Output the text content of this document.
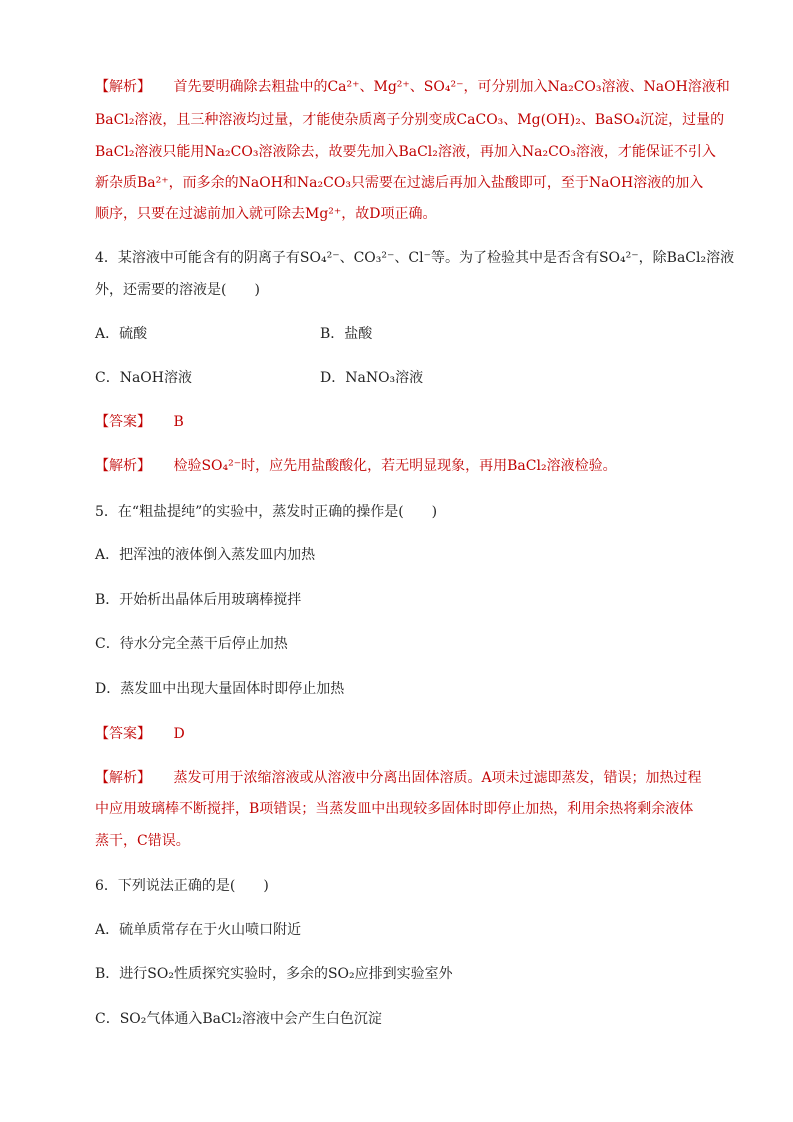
【解析】 首先要明确除去粗盐中的Ca²⁺、Mg²⁺、SO₄²⁻，可分别加入Na₂CO₃溶液、NaOH溶液和
BaCl₂溶液，且三种溶液均过量，才能使杂质离子分别变成CaCO₃、Mg(OH)₂、BaSO₄沉淀，过量的
BaCl₂溶液只能用Na₂CO₃溶液除去，故要先加入BaCl₂溶液，再加入Na₂CO₃溶液，才能保证不引入
新杂质Ba²⁺，而多余的NaOH和Na₂CO₃只需要在过滤后再加入盐酸即可，至于NaOH溶液的加入
顺序，只要在过滤前加入就可除去Mg²⁺，故D项正确。
4．某溶液中可能含有的阴离子有SO₄²⁻、CO₃²⁻、Cl⁻等。为了检验其中是否含有SO₄²⁻，除BaCl₂溶液
外，还需要的溶液是(　　)
A．硫酸	B．盐酸
C．NaOH溶液	D．NaNO₃溶液
【答案】 B
【解析】 检验SO₄²⁻时，应先用盐酸酸化，若无明显现象，再用BaCl₂溶液检验。
5．在“粗盐提纯”的实验中，蒸发时正确的操作是(　　)
A．把浑浊的液体倒入蒸发皿内加热
B．开始析出晶体后用玻璃棒搅拌
C．待水分完全蒸干后停止加热
D．蒸发皿中出现大量固体时即停止加热
【答案】 D
【解析】 蒸发可用于浓缩溶液或从溶液中分离出固体溶质。A项未过滤即蒸发，错误；加热过程
中应用玻璃棒不断搅拌，B项错误；当蒸发皿中出现较多固体时即停止加热，利用余热将剩余液体
蒸干，C错误。
6．下列说法正确的是(　　)
A．硫单质常存在于火山喷口附近
B．进行SO₂性质探究实验时，多余的SO₂应排到实验室外
C．SO₂气体通入BaCl₂溶液中会产生白色沉淀
